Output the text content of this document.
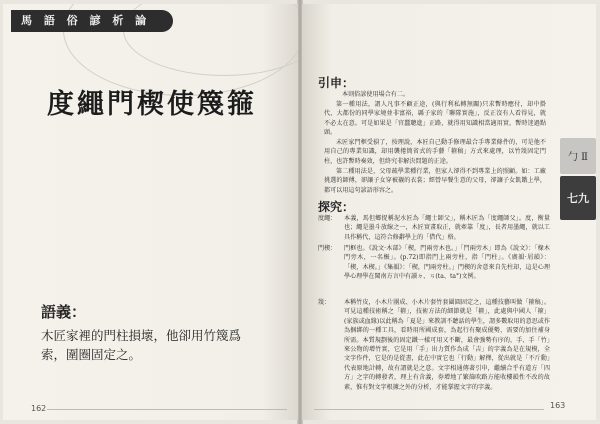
馬 語 俗 諺 析 論
度繩門楔使篾箍
語義：
木匠家裡的門柱損壞，他卻用竹篾爲索，圍圈固定之。
162
引申：
本則俗諺使用場合有二。
第一種用法，謂人凡事不顧正途，(與行利私轉無關)只求暫時應付，却中掛代，大都份的同學家境並非富裕，縣子家的「聯隊實施」，反正沒有人看得見，就不必太在意。可是如果是「官蠶聰進」正路，就得用知識相當適用實，暫時迷過點頭。
未匠家門框受損了，按理說，本匠自己動手修理最合手專業條件的，可是他不用自己的專業知識，却用襲捲簡省式的手藝「箍稿」方式來處理，以竹篾固定門柱，也許暫時奏效，但終究非解決問題的正途。
第二種用法是，父母疏學業種行業，但家人卻得不到專業上的照顧。如：工廠挑選的師傅，卻讓子女穿被襯的衣裳；經營早餐生意的父母，卻讓子女飢餓上學，都可以用這句諺語形容之。
探究：
度繩：	本義，馬但鄉捉稱泥水匠為「繩士師父」，稱木匠為「度繩師父」。度，衡量也；繩是墨斗放線之一，木匠實畫取正，就牽靠「度」，長者用墨繩，就以工具作稱代，這符合修辭學上的「借代」格。
門楔：	門框也。《說文·木部》「楔，門兩旁木也。」「門兩旁木」即為《說文》：「椽木門旁木，一名桭」。(p.72)即指門上兩旁柱，指「門柱」。《廣韻·屑韻》：「楔，木楔。」《集韻》：「楔，門兩旁柱。」門楔的舍意來自先柱却，這是心理學心理學在閩南方言中有讀ㄉ、ㄢ(ta、ta°)文例。
篾：	本稱竹皮，小木片團成、小木片套竹套圍圓固定之，這種技藝叫做「箍稿」。可見這種技術稱之「箍」，技術方法的細節就是「箍」，此處與中國人「箍」(家族或血緣)以此稱為「夏是」來教訓不聽話的學生，謂多數取用的意思或作為捆綁的一種工具，看時用所國成套，為起行有聚成優勢，需要的加住補身所需。本質規劃後的固定鐵一樣可用又不斷，最會強勢有序的，手、手「竹」來公物的增竹實，它是用「手」出力質作為成「吉」的字義為是在規模，全文字作件，它是的是從書，此在中實它也「行動」解擇，從出就是「不斤動」代表原地計轉，故有謂就是之意。文字相通傳著引申，繼續合乎有道方「四方」之字的轉發者，理上有含義，券增地了繁篩吹路方能收樓韻性不改的故素，惟有對文字根據之外的分析，才能掌握文字的字義。
勹 Ⅱ
七九
163
